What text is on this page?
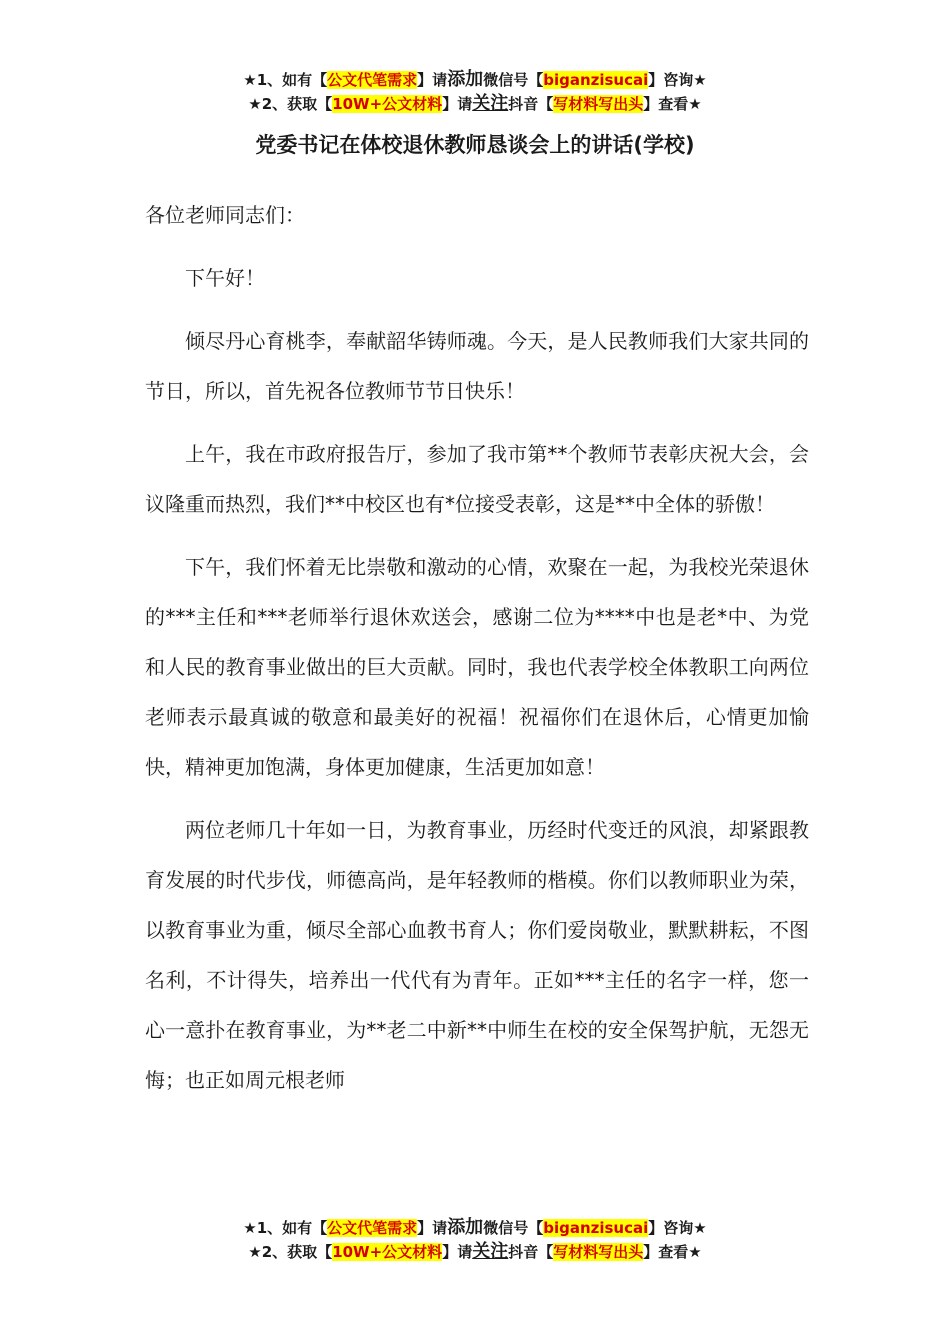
★1、如有【公文代笔需求】请添加微信号【biganzisucai】咨询★
★2、获取【10W+公文材料】请关注抖音【写材料写出头】查看★
党委书记在体校退休教师恳谈会上的讲话(学校)

各位老师同志们：

下午好！

倾尽丹心育桃李，奉献韶华铸师魂。今天，是人民教师我们大家共同的节日，所以，首先祝各位教师节节日快乐！

上午，我在市政府报告厅，参加了我市第**个教师节表彰庆祝大会，会议隆重而热烈，我们**中校区也有*位接受表彰，这是**中全体的骄傲！

下午，我们怀着无比崇敬和激动的心情，欢聚在一起，为我校光荣退休的***主任和***老师举行退休欢送会，感谢二位为****中也是老*中、为党和人民的教育事业做出的巨大贡献。同时，我也代表学校全体教职工向两位老师表示最真诚的敬意和最美好的祝福！祝福你们在退休后，心情更加愉快，精神更加饱满，身体更加健康，生活更加如意！

两位老师几十年如一日，为教育事业，历经时代变迁的风浪，却紧跟教育发展的时代步伐，师德高尚，是年轻教师的楷模。你们以教师职业为荣，以教育事业为重，倾尽全部心血教书育人；你们爱岗敬业，默默耕耘，不图名利，不计得失，培养出一代代有为青年。正如***主任的名字一样，您一心一意扑在教育事业，为**老二中新**中师生在校的安全保驾护航，无怨无悔；也正如周元根老师

★1、如有【公文代笔需求】请添加微信号【biganzisucai】咨询★
★2、获取【10W+公文材料】请关注抖音【写材料写出头】查看★
